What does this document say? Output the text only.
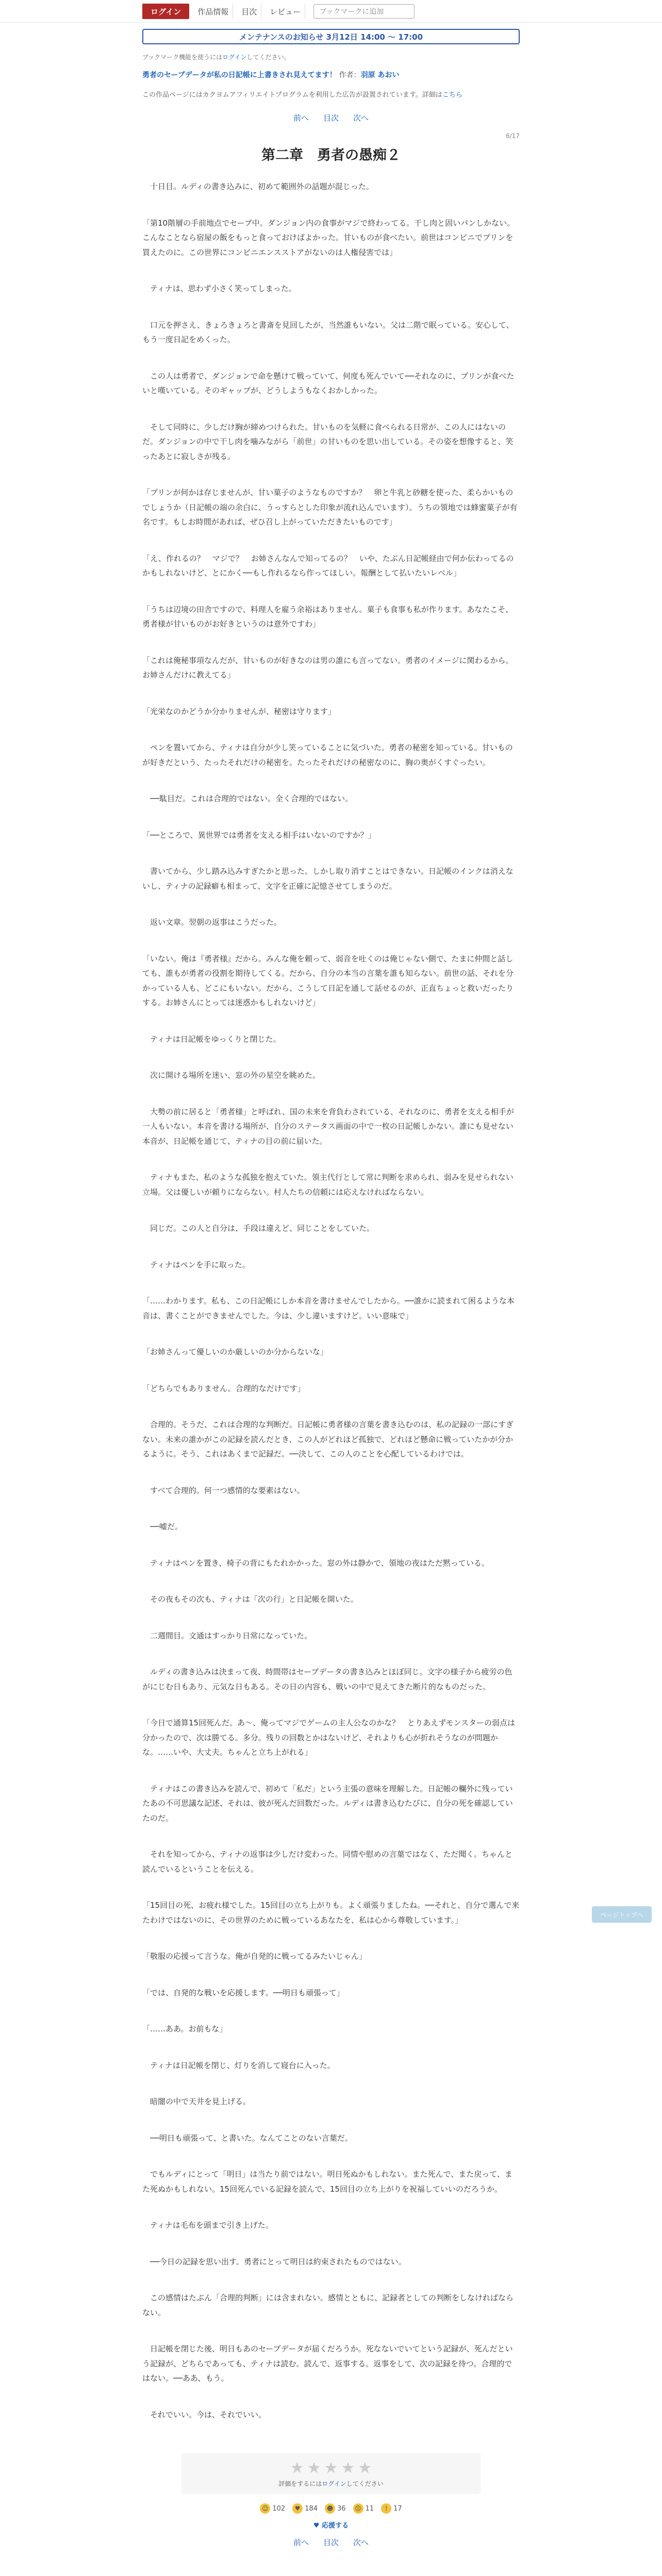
ログイン	作品情報	目次	レビュー	ブックマークに追加
メンテナンスのお知らせ 3月12日 14:00 〜 17:00
ブックマーク機能を使うにはログインしてください。
勇者のセーブデータが私の日記帳に上書きされ見えてます！ 作者：羽原 あおい
この作品ページにはカクヨムアフィリエイトプログラムを利用した広告が設置されています。詳細はこちら
前へ 目次 次へ
6/17
第二章　勇者の愚痴２

　十日目。ルディの書き込みに、初めて範囲外の話題が混じった。

「第10階層の手前地点でセーブ中。ダンジョン内の食事がマジで終わってる。干し肉と固いパンしかない。こんなことなら宿屋の飯をもっと食っておけばよかった。甘いものが食べたい。前世はコンビニでプリンを買えたのに。この世界にコンビニエンスストアがないのは人権侵害では」

　ティナは、思わず小さく笑ってしまった。

　口元を押さえ、きょろきょろと書斎を見回したが、当然誰もいない。父は二階で眠っている。安心して、もう一度日記をめくった。

　この人は勇者で、ダンジョンで命を懸けて戦っていて、何度も死んでいて──それなのに、プリンが食べたいと嘆いている。そのギャップが、どうしようもなくおかしかった。

　そして同時に、少しだけ胸が締めつけられた。甘いものを気軽に食べられる日常が、この人にはないのだ。ダンジョンの中で干し肉を噛みながら「前世」の甘いものを思い出している。その姿を想像すると、笑ったあとに寂しさが残る。

「プリンが何かは存じませんが、甘い菓子のようなものですか？　卵と牛乳と砂糖を使った、柔らかいものでしょうか（日記帳の端の余白に、うっすらとした印象が流れ込んでいます）。うちの領地では蜂蜜菓子が有名です。もしお時間があれば、ぜひ召し上がっていただきたいものです」

「え、作れるの？　マジで？　お姉さんなんで知ってるの？　いや、たぶん日記帳経由で何か伝わってるのかもしれないけど、とにかく──もし作れるなら作ってほしい。報酬として払いたいレベル」

「うちは辺境の田舎ですので、料理人を雇う余裕はありません。菓子も食事も私が作ります。あなたこそ、勇者様が甘いものがお好きというのは意外ですわ」

「これは俺秘事項なんだが、甘いものが好きなのは男の誰にも言ってない。勇者のイメージに関わるから。お姉さんだけに教えてる」

「光栄なのかどうか分かりませんが、秘密は守ります」

　ペンを置いてから、ティナは自分が少し笑っていることに気づいた。勇者の秘密を知っている。甘いものが好きだという、たったそれだけの秘密を。たったそれだけの秘密なのに、胸の奥がくすぐったい。

　──駄目だ。これは合理的ではない。全く合理的ではない。

「──ところで、異世界では勇者を支える相手はいないのですか？」

　書いてから、少し踏み込みすぎたかと思った。しかし取り消すことはできない。日記帳のインクは消えないし、ティナの記録癖も相まって、文字を正確に記憶させてしまうのだ。

　返い文章。翌朝の返事はこうだった。

「いない。俺は『勇者様』だから。みんな俺を頼って、弱音を吐くのは俺じゃない側で、たまに仲間と話しても、誰もが勇者の役割を期待してくる。だから、自分の本当の言葉を誰も知らない。前世の話、それを分かっている人も、どこにもいない。だから、こうして日記を通して話せるのが、正直ちょっと救いだったりする。お姉さんにとっては迷惑かもしれないけど」

　ティナは日記帳をゆっくりと閉じた。

　次に開ける場所を迷い、窓の外の星空を眺めた。

　大勢の前に居ると「勇者様」と呼ばれ、国の未来を背負わされている、それなのに、勇者を支える相手が一人もいない。本音を書ける場所が、自分のステータス画面の中で一枚の日記帳しかない。誰にも見せない本音が、日記帳を通じて、ティナの目の前に届いた。

　ティナもまた、私のような孤独を抱えていた。領主代行として常に判断を求められ、弱みを見せられない立場。父は優しいが頼りにならない。村人たちの信頼には応えなければならない。

　同じだ。この人と自分は、手段は違えど、同じことをしていた。

　ティナはペンを手に取った。

「……わかります。私も、この日記帳にしか本音を書けませんでしたから。──誰かに読まれて困るような本音は、書くことができませんでした。今は、少し違いますけど。いい意味で」

「お姉さんって優しいのか厳しいのか分からないな」

「どちらでもありません。合理的なだけです」

　合理的。そうだ、これは合理的な判断だ。日記帳に勇者様の言葉を書き込むのは、私の記録の一部にすぎない。未来の誰かがこの記録を読んだとき、この人がどれほど孤独で、どれほど懸命に戦っていたかが分かるように。そう、これはあくまで記録だ。──決して、この人のことを心配しているわけでは。

　すべて合理的。何一つ感情的な要素はない。

　──嘘だ。

　ティナはペンを置き、椅子の背にもたれかかった。窓の外は静かで、領地の夜はただ黙っている。

　その夜もその次も、ティナは「次の行」と日記帳を開いた。

　二週間目。文通はすっかり日常になっていた。

　ルディの書き込みは決まって夜、時間帯はセーブデータの書き込みとほぼ同じ。文字の様子から疲労の色がにじむ日もあり、元気な日もある。その日の内容も、戦いの中で見えてきた断片的なものだった。

「今日で通算15回死んだ。あ〜、俺ってマジでゲームの主人公なのかな？　とりあえずモンスターの弱点は分かったので、次は勝てる。多分。残りの回数とかはないけど、それよりも心が折れそうなのが問題かな。……いや、大丈夫。ちゃんと立ち上がれる」

　ティナはこの書き込みを読んで、初めて「私だ」という主張の意味を理解した。日記帳の欄外に残っていたあの不可思議な記述、それは、彼が死んだ回数だった。ルディは書き込むたびに、自分の死を確認していたのだ。

　それを知ってから、ティナの返事は少しだけ変わった。同情や慰めの言葉ではなく、ただ聞く。ちゃんと読んでいるということを伝える。

「15回目の死、お疲れ様でした。15回目の立ち上がりも。よく頑張りましたね。──それと、自分で選んで来たわけではないのに、その世界のために戦っているあなたを、私は心から尊敬しています。」

「敬服の応援って言うな。俺が自発的に戦ってるみたいじゃん」

「では、自発的な戦いを応援します。──明日も頑張って」

「……ああ。お前もな」

　ティナは日記帳を閉じ、灯りを消して寝台に入った。

　暗闇の中で天井を見上げる。

　──明日も頑張って、と書いた。なんてことのない言葉だ。

　でもルディにとって「明日」は当たり前ではない。明日死ぬかもしれない。また死んで、また戻って、また死ぬかもしれない。15回死んでいる記録を読んで、15回目の立ち上がりを祝福していいのだろうか。

　ティナは毛布を頭まで引き上げた。

　──今日の記録を思い出す。勇者にとって明日は約束されたものではない。

　この感情はたぶん「合理的判断」には含まれない。感情とともに、記録者としての判断をしなければならない。

　日記帳を閉じた後、明日もあのセーブデータが届くだろうか。死なないでいてという記録が、死んだという記録が、どちらであっても、ティナは読む。読んで、返事する。返事をして、次の記録を待つ。合理的ではない。──ああ、もう。

　それでいい。今は、それでいい。

★ ★ ★ ★ ★
評価をするにはログインしてください
☺ 102	♥ 184	☻ 36	☹ 11	! 17
♥ 応援する
前へ 目次 次へ
ページトップへ
